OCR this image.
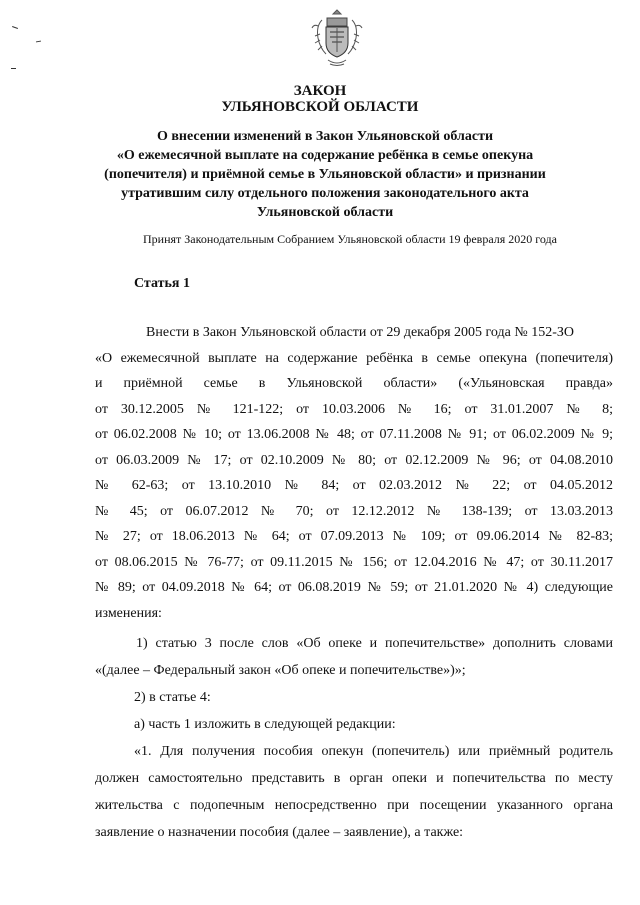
ЗАКОН
УЛЬЯНОВСКОЙ ОБЛАСТИ
О внесении изменений в Закон Ульяновской области
«О ежемесячной выплате на содержание ребёнка в семье опекуна
(попечителя) и приёмной семье в Ульяновской области» и признании
утратившим силу отдельного положения законодательного акта
Ульяновской области
Принят Законодательным Собранием Ульяновской области 19 февраля 2020 года
Статья 1
Внести в Закон Ульяновской области от 29 декабря 2005 года № 152-ЗО
«О ежемесячной выплате на содержание ребёнка в семье опекуна (попечителя)
и приёмной семье в Ульяновской области» («Ульяновская правда»
от 30.12.2005 № 121-122; от 10.03.2006 № 16; от 31.01.2007 № 8;
от 06.02.2008 № 10; от 13.06.2008 № 48; от 07.11.2008 № 91; от 06.02.2009 № 9;
от 06.03.2009 № 17; от 02.10.2009 № 80; от 02.12.2009 № 96; от 04.08.2010
№ 62-63; от 13.10.2010 № 84; от 02.03.2012 № 22; от 04.05.2012
№ 45; от 06.07.2012 № 70; от 12.12.2012 № 138-139; от 13.03.2013
№ 27; от 18.06.2013 № 64; от 07.09.2013 № 109; от 09.06.2014 № 82-83;
от 08.06.2015 № 76-77; от 09.11.2015 № 156; от 12.04.2016 № 47; от 30.11.2017
№ 89; от 04.09.2018 № 64; от 06.08.2019 № 59; от 21.01.2020 № 4) следующие
изменения:
1) статью 3 после слов «Об опеке и попечительстве» дополнить словами
«(далее – Федеральный закон «Об опеке и попечительстве»)»;
2) в статье 4:
а) часть 1 изложить в следующей редакции:
«1. Для получения пособия опекун (попечитель) или приёмный родитель
должен самостоятельно представить в орган опеки и попечительства по месту
жительства с подопечным непосредственно при посещении указанного органа
заявление о назначении пособия (далее – заявление), а также:
